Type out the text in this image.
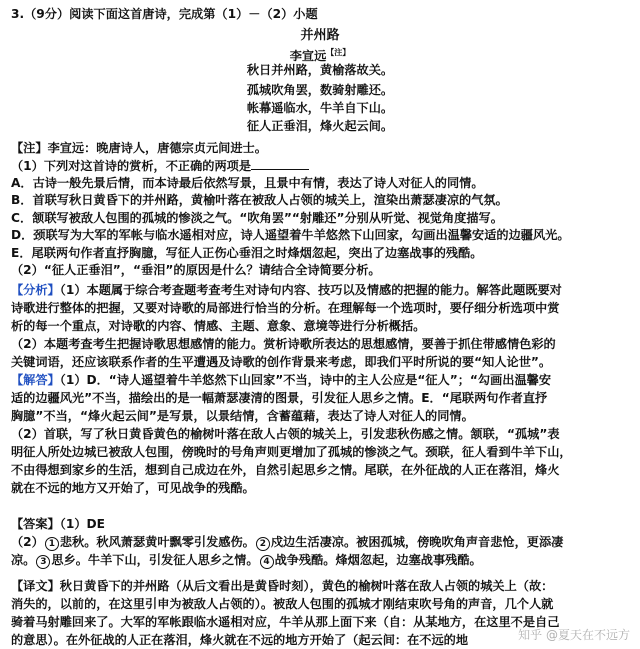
3.（9分）阅读下面这首唐诗，完成第（1）－（2）小题
并州路
李宣远$^{【注】}$
秋日并州路，黄榆落故关。
孤城吹角罢，数骑射雕还。
帐幕遥临水，牛羊自下山。
征人正垂泪，烽火起云间。
【注】李宣远：晚唐诗人，唐德宗贞元间进士。
（1）下列对这首诗的赏析，不正确的两项是
A．古诗一般先景后情，而本诗最后依然写景，且景中有情，表达了诗人对征人的同情。
B．首联写秋日黄昏下的并州路，黄榆叶落在被敌人占领的城关上，渲染出萧瑟凄凉的气氛。
C．颔联写被敌人包围的孤城的惨淡之气。“吹角罢”“射雕还”分别从听觉、视觉角度描写。
D．颈联写为大军的军帐与临水遥相对应，诗人遥望着牛羊悠然下山回家，勾画出温馨安适的边疆风光。
E．尾联两句作者直抒胸臆，写征人正伤心垂泪之时烽烟忽起，突出了边塞战事的残酷。
（2）“征人正垂泪”，“垂泪”的原因是什么？请结合全诗简要分析。
【分析】（1）本题属于综合考查题考查考生对诗句内容、技巧以及情感的把握的能力。解答此题既要对
诗歌进行整体的把握，又要对诗歌的局部进行恰当的分析。在理解每一个选项时，要仔细分析选项中赏
析的每一个重点，对诗歌的内容、情感、主题、意象、意境等进行分析概括。
（2）本题考查考生把握诗歌思想感情的能力。赏析诗歌所表达的思想感情，要善于抓住带感情色彩的
关键词语，还应该联系作者的生平遭遇及诗歌的创作背景来考虑，即我们平时所说的要“知人论世”。
【解答】（1）D．“诗人遥望着牛羊悠然下山回家”不当，诗中的主人公应是“征人”；“勾画出温馨安
适的边疆风光”不当，描绘出的是一幅萧瑟凄清的图景，引发征人思乡之情。E．“尾联两句作者直抒
胸臆”不当，“烽火起云间”是写景，以景结情，含蓄蕴藉，表达了诗人对征人的同情。
（2）首联，写了秋日黄昏黄色的榆树叶落在敌人占领的城关上，引发悲秋伤感之情。颔联，“孤城”表
明征人所处边城已被敌人包围，傍晚时的号角声则更增加了孤城的惨淡之气。颈联，征人看到牛羊下山，
不由得想到家乡的生活，想到自己成边在外，自然引起思乡之情。尾联，在外征战的人正在落泪，烽火
就在不远的地方又开始了，可见战争的残酷。
【答案】（1）DE
（2） 1 悲秋。秋风萧瑟黄叶飘零引发感伤。 2 戍边生活凄凉。被困孤城，傍晚吹角声音悲怆，更添凄
凉。 3 思乡。牛羊下山，引发征人思乡之情。 4 战争残酷。烽烟忽起，边塞战事残酷。
【译文】秋日黄昏下的并州路（从后文看出是黄昏时刻），黄色的榆树叶落在敌人占领的城关上（故：
消失的，以前的，在这里引申为被敌人占领的）。被敌人包围的孤城才刚结束吹号角的声音，几个人就
骑着马射雕回来了。大军的军帐跟临水遥相对应，牛羊从那上面下来（自：从某地方，在这里不是自己
的意思）。在外征战的人正在落泪，烽火就在不远的地方开始了（起云间：在不远的地	知乎 @夏天在不远方
